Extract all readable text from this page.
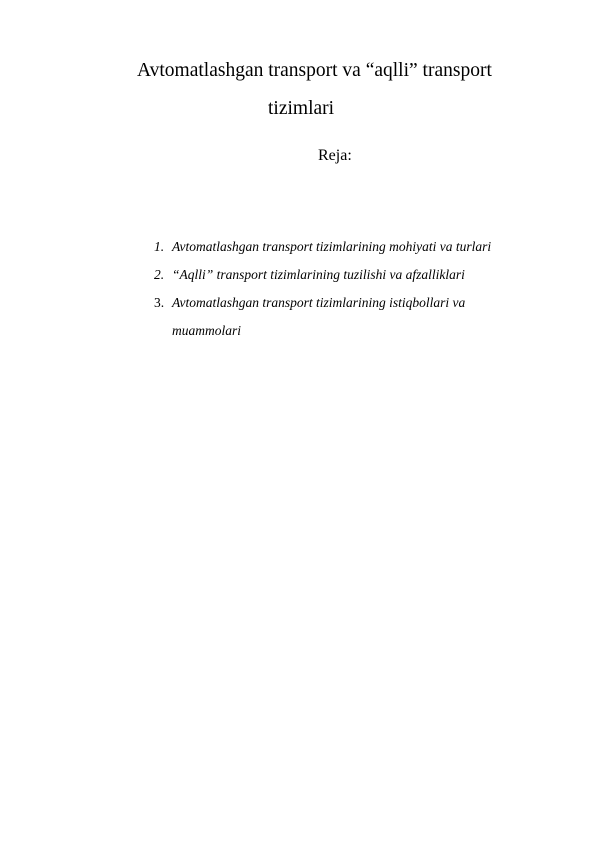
Avtomatlashgan transport va “aqlli” transport
tizimlari
Reja:
1. Avtomatlashgan transport tizimlarining mohiyati va turlari
2. “Aqlli” transport tizimlarining tuzilishi va afzalliklari
3. Avtomatlashgan transport tizimlarining istiqbollari va muammolari
